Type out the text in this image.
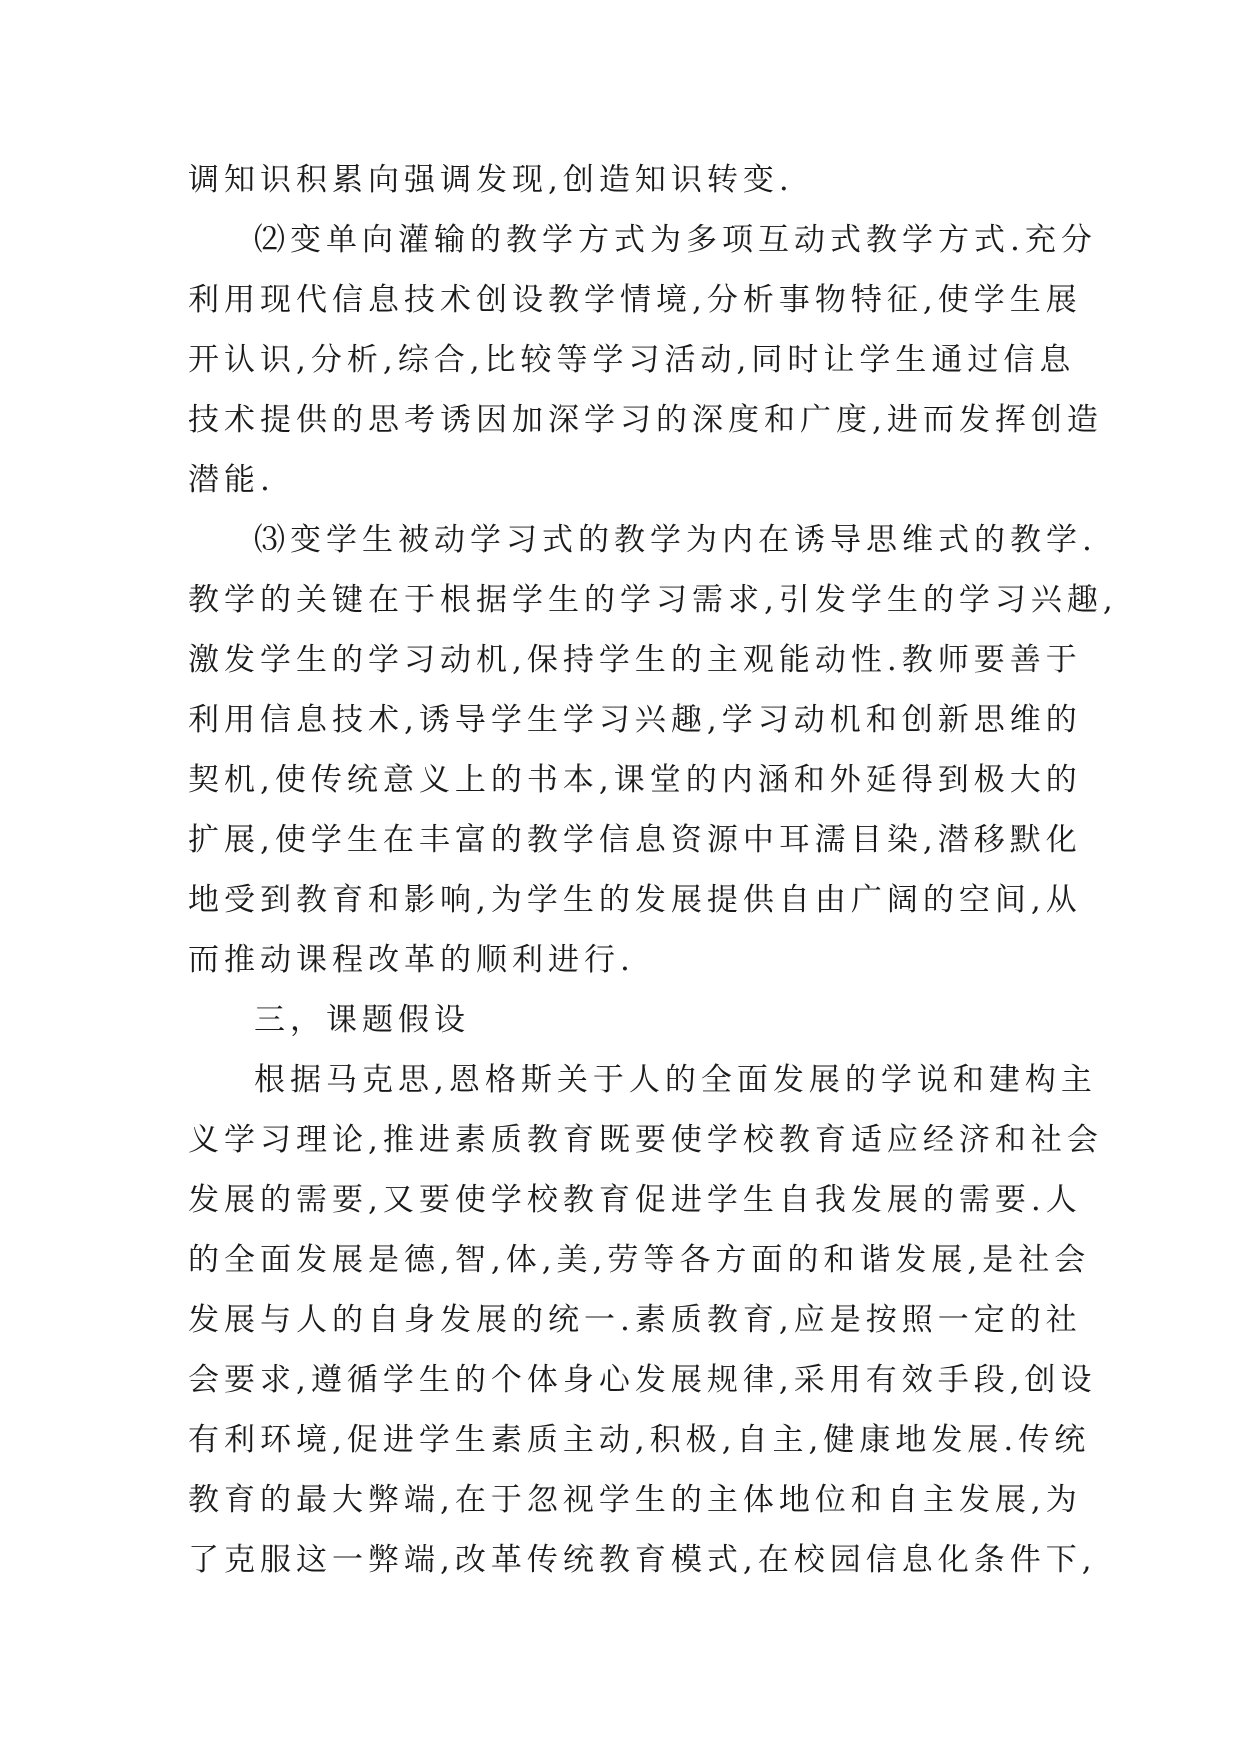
调知识积累向强调发现,创造知识转变.
⑵变单向灌输的教学方式为多项互动式教学方式.充分
利用现代信息技术创设教学情境,分析事物特征,使学生展
开认识,分析,综合,比较等学习活动,同时让学生通过信息
技术提供的思考诱因加深学习的深度和广度,进而发挥创造
潜能.
⑶变学生被动学习式的教学为内在诱导思维式的教学.
教学的关键在于根据学生的学习需求,引发学生的学习兴趣,
激发学生的学习动机,保持学生的主观能动性.教师要善于
利用信息技术,诱导学生学习兴趣,学习动机和创新思维的
契机,使传统意义上的书本,课堂的内涵和外延得到极大的
扩展,使学生在丰富的教学信息资源中耳濡目染,潜移默化
地受到教育和影响,为学生的发展提供自由广阔的空间,从
而推动课程改革的顺利进行.
三，课题假设
根据马克思,恩格斯关于人的全面发展的学说和建构主
义学习理论,推进素质教育既要使学校教育适应经济和社会
发展的需要,又要使学校教育促进学生自我发展的需要.人
的全面发展是德,智,体,美,劳等各方面的和谐发展,是社会
发展与人的自身发展的统一.素质教育,应是按照一定的社
会要求,遵循学生的个体身心发展规律,采用有效手段,创设
有利环境,促进学生素质主动,积极,自主,健康地发展.传统
教育的最大弊端,在于忽视学生的主体地位和自主发展,为
了克服这一弊端,改革传统教育模式,在校园信息化条件下,
